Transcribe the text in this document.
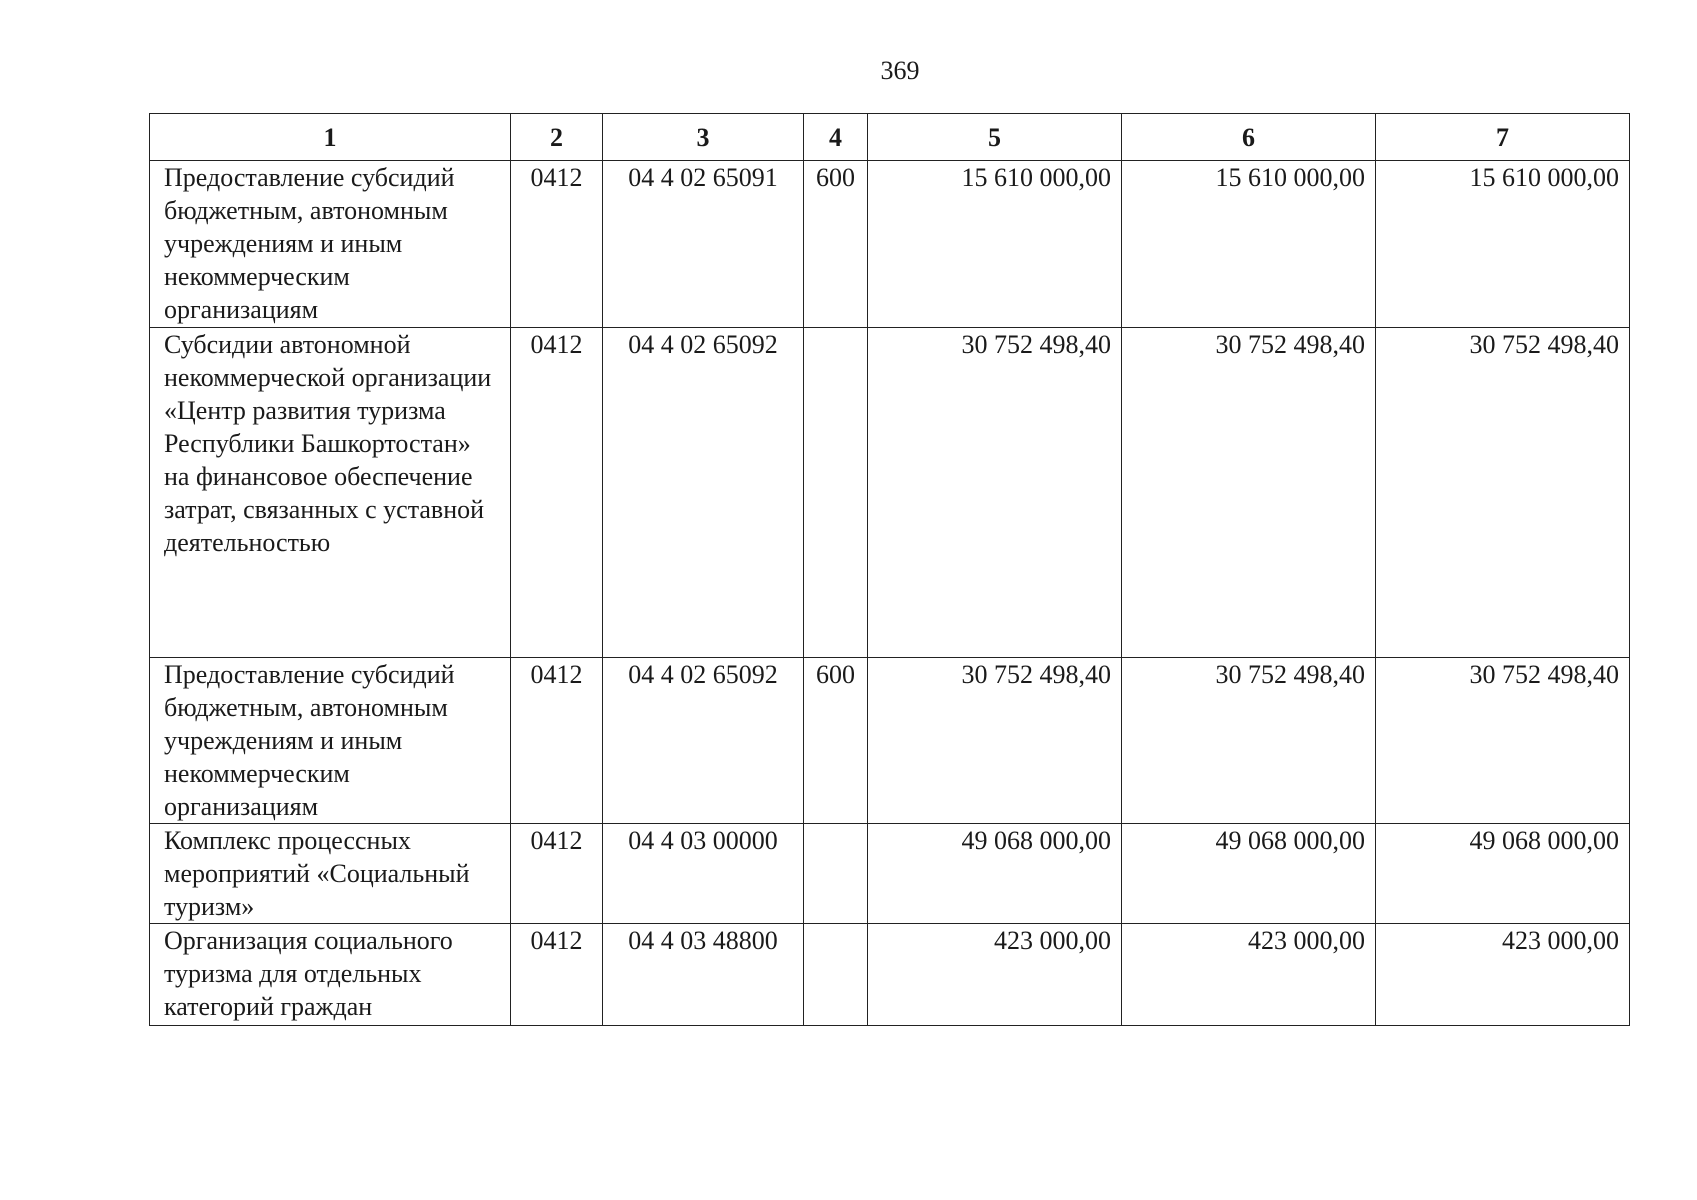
369
1	2	3	4	5	6	7
Предоставление субсидий бюджетным, автономным учреждениям и иным некоммерческим организациям	0412	04 4 02 65091	600	15 610 000,00	15 610 000,00	15 610 000,00
Субсидии автономной некоммерческой организации «Центр развития туризма Республики Башкортостан» на финансовое обеспечение затрат, связанных с уставной деятельностью	0412	04 4 02 65092		30 752 498,40	30 752 498,40	30 752 498,40
Предоставление субсидий бюджетным, автономным учреждениям и иным некоммерческим организациям	0412	04 4 02 65092	600	30 752 498,40	30 752 498,40	30 752 498,40
Комплекс процессных мероприятий «Социальный туризм»	0412	04 4 03 00000		49 068 000,00	49 068 000,00	49 068 000,00
Организация социального туризма для отдельных категорий граждан	0412	04 4 03 48800		423 000,00	423 000,00	423 000,00
